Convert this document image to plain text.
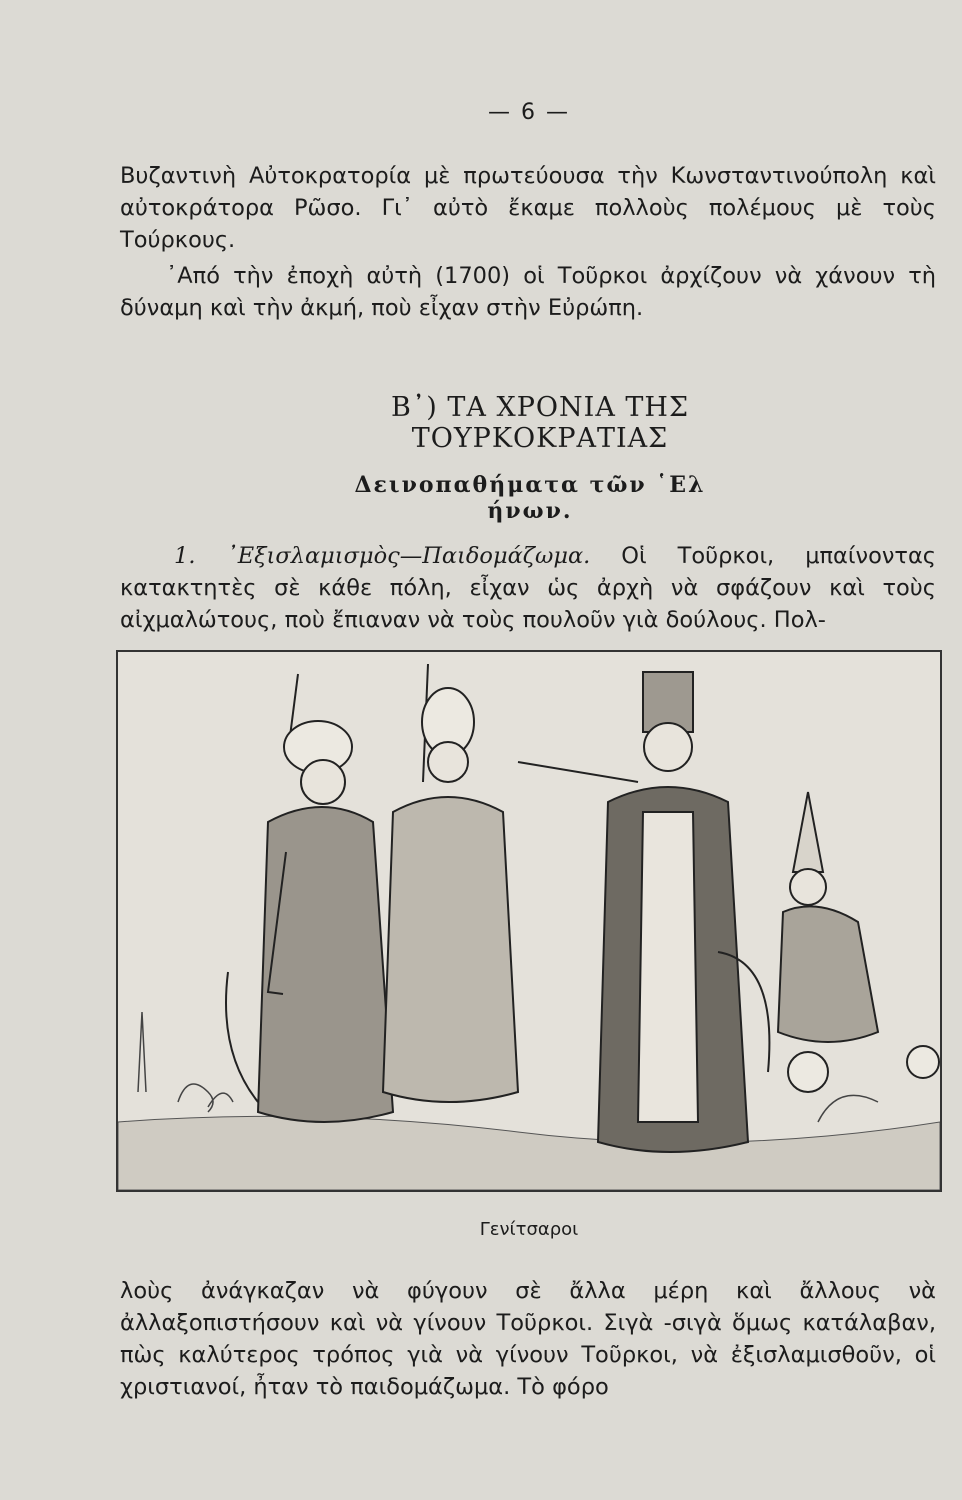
— 6 —

Βυζαντινὴ Αὐτοκρατορία μὲ πρωτεύουσα τὴν Κωνσταντινούπολη καὶ αὐτοκράτορα Ρῶσο. Γι᾽ αὐτὸ ἔκαμε πολλοὺς πολέμους μὲ τοὺς Τούρκους.

᾽Από τὴν ἐποχὴ αὐτὴ (1700) οἱ Τοῦρκοι ἀρχίζουν νὰ χάνουν τὴ δύναμη καὶ τὴν ἀκμή, ποὺ εἶχαν στὴν Εὐρώπη.

Β᾽) ΤΑ ΧΡΟΝΙΑ ΤΗΣ ΤΟΥΡΚΟΚΡΑΤΙΑΣ
Δεινοπαθήματα τῶν ῾Ελ ήνων.

1. ᾽Εξισλαμισμὸς—Παιδομάζωμα. Οἱ Τοῦρκοι, μπαίνοντας κατακτητὲς σὲ κάθε πόλη, εἶχαν ὡς ἀρχὴ νὰ σφάζουν καὶ τοὺς αἰχμαλώτους, ποὺ ἔπιαναν νὰ τοὺς πουλοῦν γιὰ δούλους. Πολ-

Γενίτσαροι

λοὺς ἀνάγκαζαν νὰ φύγουν σὲ ἄλλα μέρη καὶ ἄλλους νὰ ἀλλαξοπιστήσουν καὶ νὰ γίνουν Τοῦρκοι. Σιγὰ -σιγὰ ὅμως κατάλαβαν, πὼς καλύτερος τρόπος γιὰ νὰ γίνουν Τοῦρκοι, νὰ ἐξισλαμισθοῦν, οἱ χριστιανοί, ἦταν τὸ παιδομάζωμα. Τὸ φόρο
